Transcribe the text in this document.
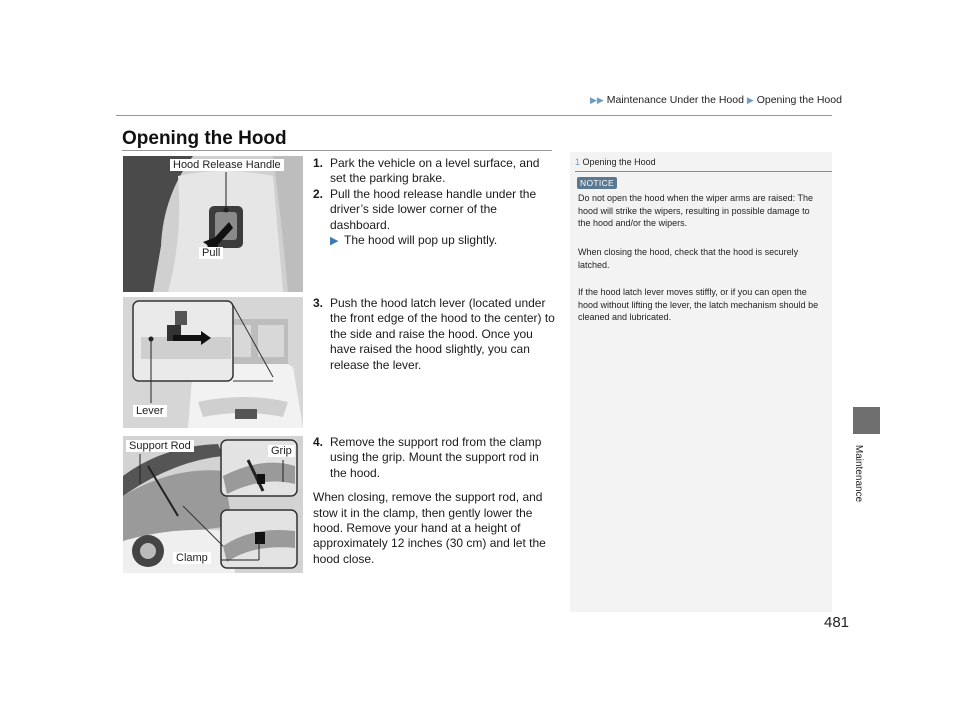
▶▶ Maintenance Under the Hood ▶ Opening the Hood
Opening the Hood
Hood Release Handle
Pull
Lever
Support Rod	Grip
Clamp
1. Park the vehicle on a level surface, and set the parking brake.
2. Pull the hood release handle under the driver’s side lower corner of the dashboard.
▶ The hood will pop up slightly.
3. Push the hood latch lever (located under the front edge of the hood to the center) to the side and raise the hood. Once you have raised the hood slightly, you can release the lever.
4. Remove the support rod from the clamp using the grip. Mount the support rod in the hood.
When closing, remove the support rod, and stow it in the clamp, then gently lower the hood. Remove your hand at a height of approximately 12 inches (30 cm) and let the hood close.
1 Opening the Hood
NOTICE
Do not open the hood when the wiper arms are raised: The hood will strike the wipers, resulting in possible damage to the hood and/or the wipers.
When closing the hood, check that the hood is securely latched.
If the hood latch lever moves stiffly, or if you can open the hood without lifting the lever, the latch mechanism should be cleaned and lubricated.
Maintenance
481
